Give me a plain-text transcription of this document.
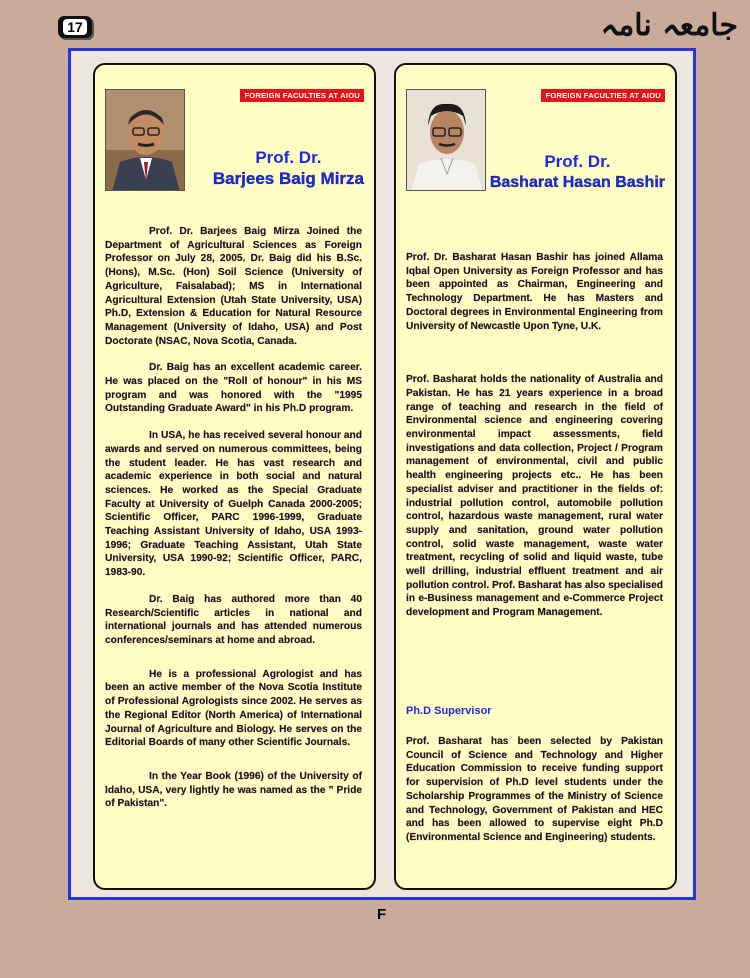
17	جامعہ نامہ
FOREIGN FACULTIES AT AIOU
Prof. Dr.
Barjees Baig Mirza

Prof. Dr. Barjees Baig Mirza Joined the Department of Agricultural Sciences as Foreign Professor on July 28, 2005. Dr. Baig did his B.Sc. (Hons), M.Sc. (Hon) Soil Science (University of Agriculture, Faisalabad); MS in International Agricultural Extension (Utah State University, USA) Ph.D, Extension & Education for Natural Resource Management (University of Idaho, USA) and Post Doctorate (NSAC, Nova Scotia, Canada.

Dr. Baig has an excellent academic career. He was placed on the "Roll of honour" in his MS program and was honored with the "1995 Outstanding Graduate Award" in his Ph.D program.

In USA, he has received several honour and awards and served on numerous committees, being the student leader. He has vast research and academic experience in both social and natural sciences. He worked as the Special Graduate Faculty at University of Guelph Canada 2000-2005; Scientific Officer, PARC 1996-1999, Graduate Teaching Assistant University of Idaho, USA 1993-1996; Graduate Teaching Assistant, Utah State University, USA 1990-92; Scientific Officer, PARC, 1983-90.

Dr. Baig has authored more than 40 Research/Scientific articles in national and international journals and has attended numerous conferences/seminars at home and abroad.

He is a professional Agrologist and has been an active member of the Nova Scotia Institute of Professional Agrologists since 2002. He serves as the Regional Editor (North America) of International Journal of Agriculture and Biology. He serves on the Editorial Boards of many other Scientific Journals.

In the Year Book (1996) of the University of Idaho, USA, very lightly he was named as the " Pride of Pakistan".

FOREIGN FACULTIES AT AIOU
Prof. Dr.
Basharat Hasan Bashir

Prof. Dr. Basharat Hasan Bashir has joined Allama Iqbal Open University as Foreign Professor and has been appointed as Chairman, Engineering and Technology Department. He has Masters and Doctoral degrees in Environmental Engineering from University of Newcastle Upon Tyne, U.K.

Prof. Basharat holds the nationality of Australia and Pakistan. He has 21 years experience in a broad range of teaching and research in the field of Environmental science and engineering covering environmental impact assessments, field investigations and data collection, Project / Program management of environmental, civil and public health engineering projects etc.. He has been specialist adviser and practitioner in the fields of: industrial pollution control, automobile pollution control, hazardous waste management, rural water supply and sanitation, ground water pollution control, solid waste management, waste water treatment, recycling of solid and liquid waste, tube well drilling, industrial effluent treatment and air pollution control. Prof. Basharat has also specialised in e-Business management and e-Commerce Project development and Program Management.

Ph.D Supervisor

Prof. Basharat has been selected by Pakistan Council of Science and Technology and Higher Education Commission to receive funding support for supervision of Ph.D level students under the Scholarship Programmes of the Ministry of Science and Technology, Government of Pakistan and HEC and has been allowed to supervise eight Ph.D (Environmental Science and Engineering) students.

F
